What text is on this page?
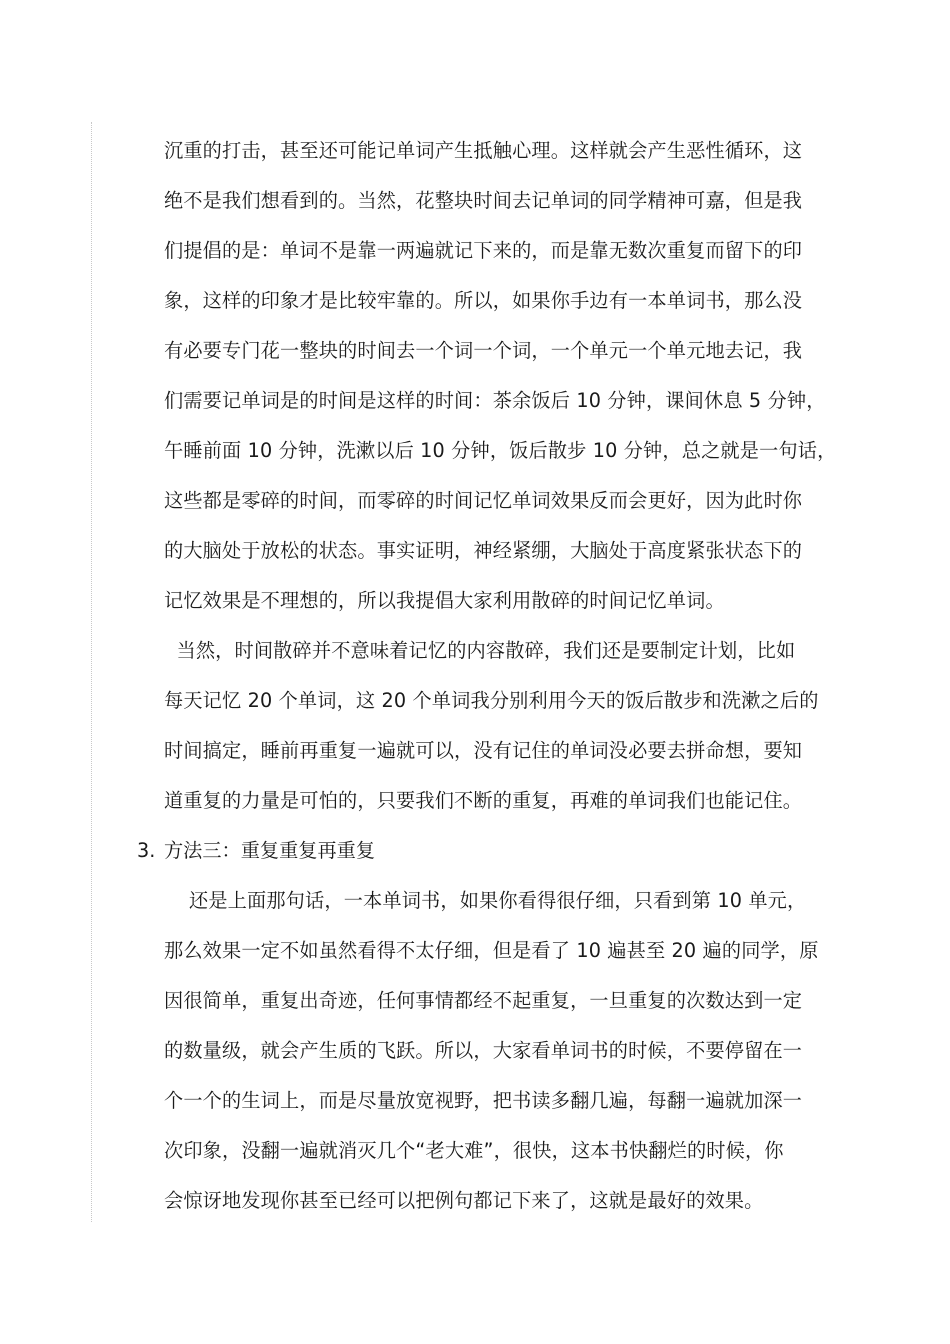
沉重的打击，甚至还可能记单词产生抵触心理。这样就会产生恶性循环，这
绝不是我们想看到的。当然，花整块时间去记单词的同学精神可嘉，但是我
们提倡的是：单词不是靠一两遍就记下来的，而是靠无数次重复而留下的印
象，这样的印象才是比较牢靠的。所以，如果你手边有一本单词书，那么没
有必要专门花一整块的时间去一个词一个词，一个单元一个单元地去记，我
们需要记单词是的时间是这样的时间：茶余饭后 10 分钟，课间休息 5 分钟，
午睡前面 10 分钟，洗漱以后 10 分钟，饭后散步 10 分钟，总之就是一句话，
这些都是零碎的时间，而零碎的时间记忆单词效果反而会更好，因为此时你
的大脑处于放松的状态。事实证明，神经紧绷，大脑处于高度紧张状态下的
记忆效果是不理想的，所以我提倡大家利用散碎的时间记忆单词。
当然，时间散碎并不意味着记忆的内容散碎，我们还是要制定计划，比如
每天记忆 20 个单词，这 20 个单词我分别利用今天的饭后散步和洗漱之后的
时间搞定，睡前再重复一遍就可以，没有记住的单词没必要去拼命想，要知
道重复的力量是可怕的，只要我们不断的重复，再难的单词我们也能记住。
3. 方法三：重复重复再重复
还是上面那句话，一本单词书，如果你看得很仔细，只看到第 10 单元，
那么效果一定不如虽然看得不太仔细，但是看了 10 遍甚至 20 遍的同学，原
因很简单，重复出奇迹，任何事情都经不起重复，一旦重复的次数达到一定
的数量级，就会产生质的飞跃。所以，大家看单词书的时候，不要停留在一
个一个的生词上，而是尽量放宽视野，把书读多翻几遍，每翻一遍就加深一
次印象，没翻一遍就消灭几个“老大难”，很快，这本书快翻烂的时候，你
会惊讶地发现你甚至已经可以把例句都记下来了，这就是最好的效果。
